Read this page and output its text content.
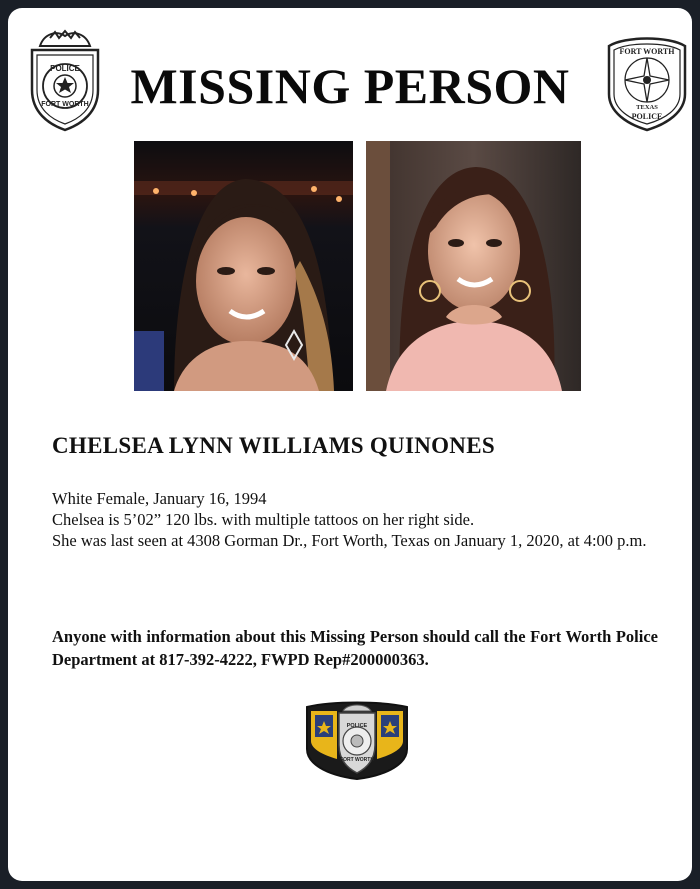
POLICE
FORT WORTH MISSING PERSON
FORT WORTH
TEXAS
POLICE
CHELSEA LYNN WILLIAMS QUINONES
White Female, January 16, 1994
Chelsea is 5’02” 120 lbs. with multiple tattoos on her right side.
She was last seen at 4308 Gorman Dr., Fort Worth, Texas on January 1, 2020, at 4:00 p.m.
Anyone with information about this Missing Person should call the Fort Worth Police Department at 817-392-4222, FWPD Rep#200000363.
POLICE
FORT WORTH
